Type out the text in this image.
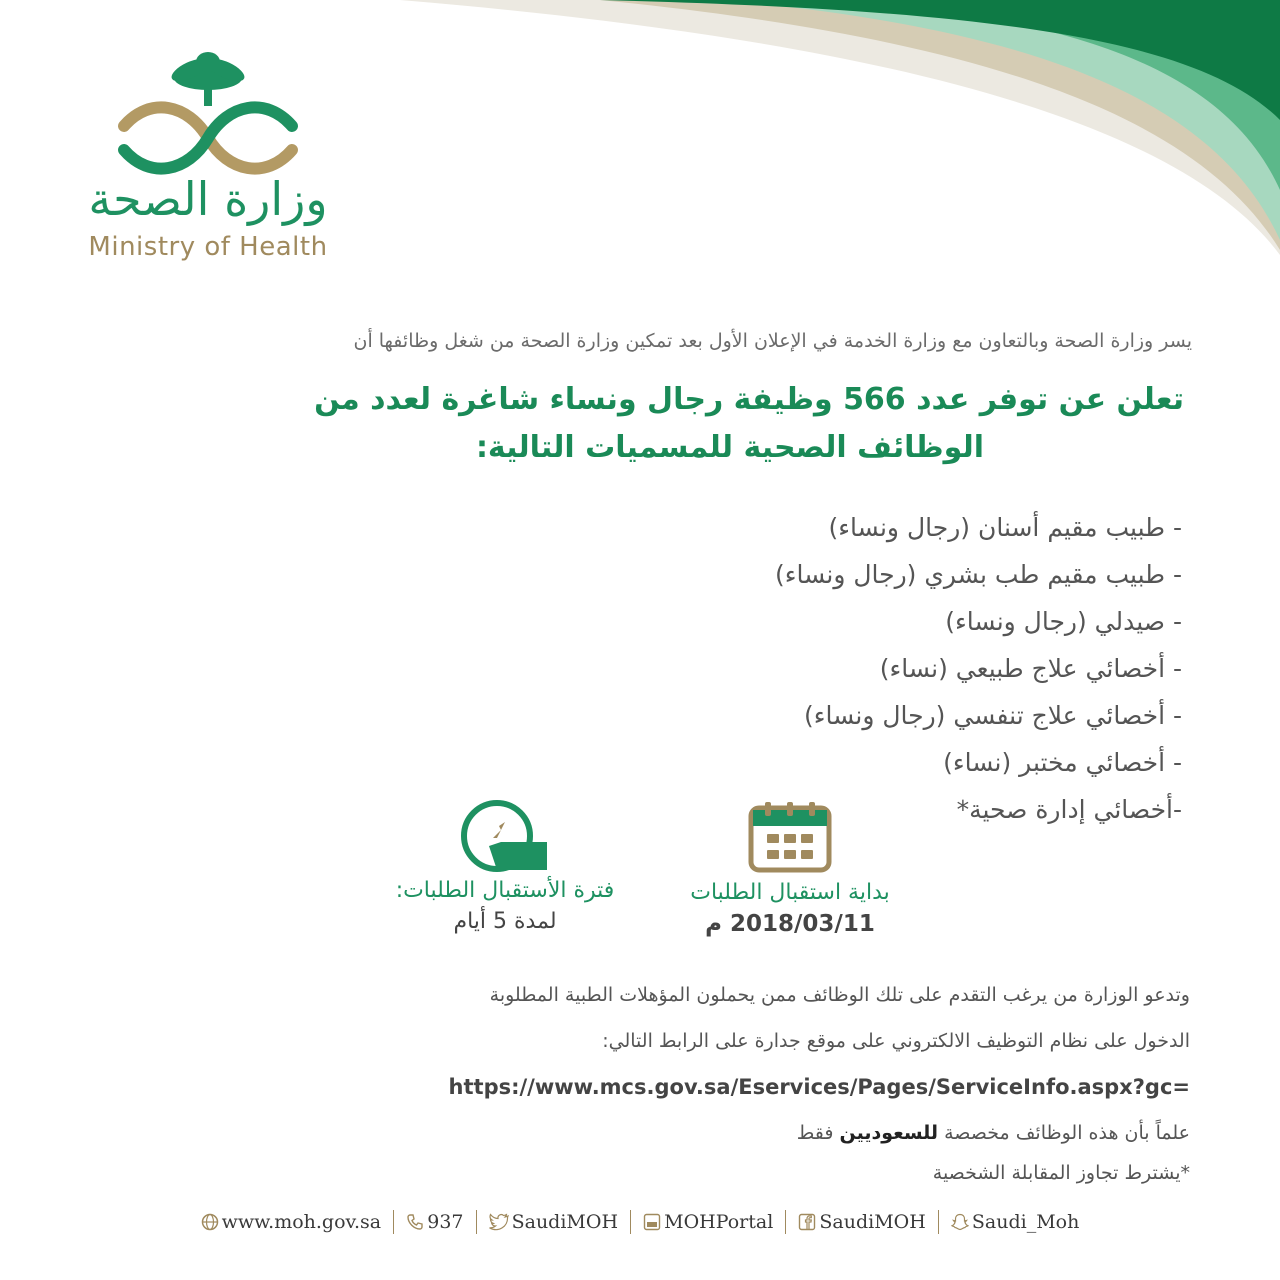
وزارة الصحة
Ministry of Health
يسر وزارة الصحة وبالتعاون مع وزارة الخدمة في الإعلان الأول بعد تمكين وزارة الصحة من شغل وظائفها أن
تعلن عن توفر عدد 566 وظيفة رجال ونساء شاغرة لعدد من
الوظائف الصحية للمسميات التالية:
- طبيب مقيم أسنان (رجال ونساء)
- طبيب مقيم طب بشري (رجال ونساء)
- صيدلي (رجال ونساء)
- أخصائي علاج طبيعي (نساء)
- أخصائي علاج تنفسي (رجال ونساء)
- أخصائي مختبر (نساء)
-أخصائي إدارة صحية*
بداية استقبال الطلبات
2018/03/11 م
فترة الأستقبال الطلبات:
لمدة 5 أيام
وتدعو الوزارة من يرغب التقدم على تلك الوظائف ممن يحملون المؤهلات الطبية المطلوبة
الدخول على نظام التوظيف الالكتروني على موقع جدارة على الرابط التالي:
https://www.mcs.gov.sa/Eservices/Pages/ServiceInfo.aspx?gc=
علماً بأن هذه الوظائف مخصصة للسعوديين فقط
*يشترط تجاوز المقابلة الشخصية
www.moh.gov.sa 937	SaudiMOH MOHPortal SaudiMOH Saudi_Moh
